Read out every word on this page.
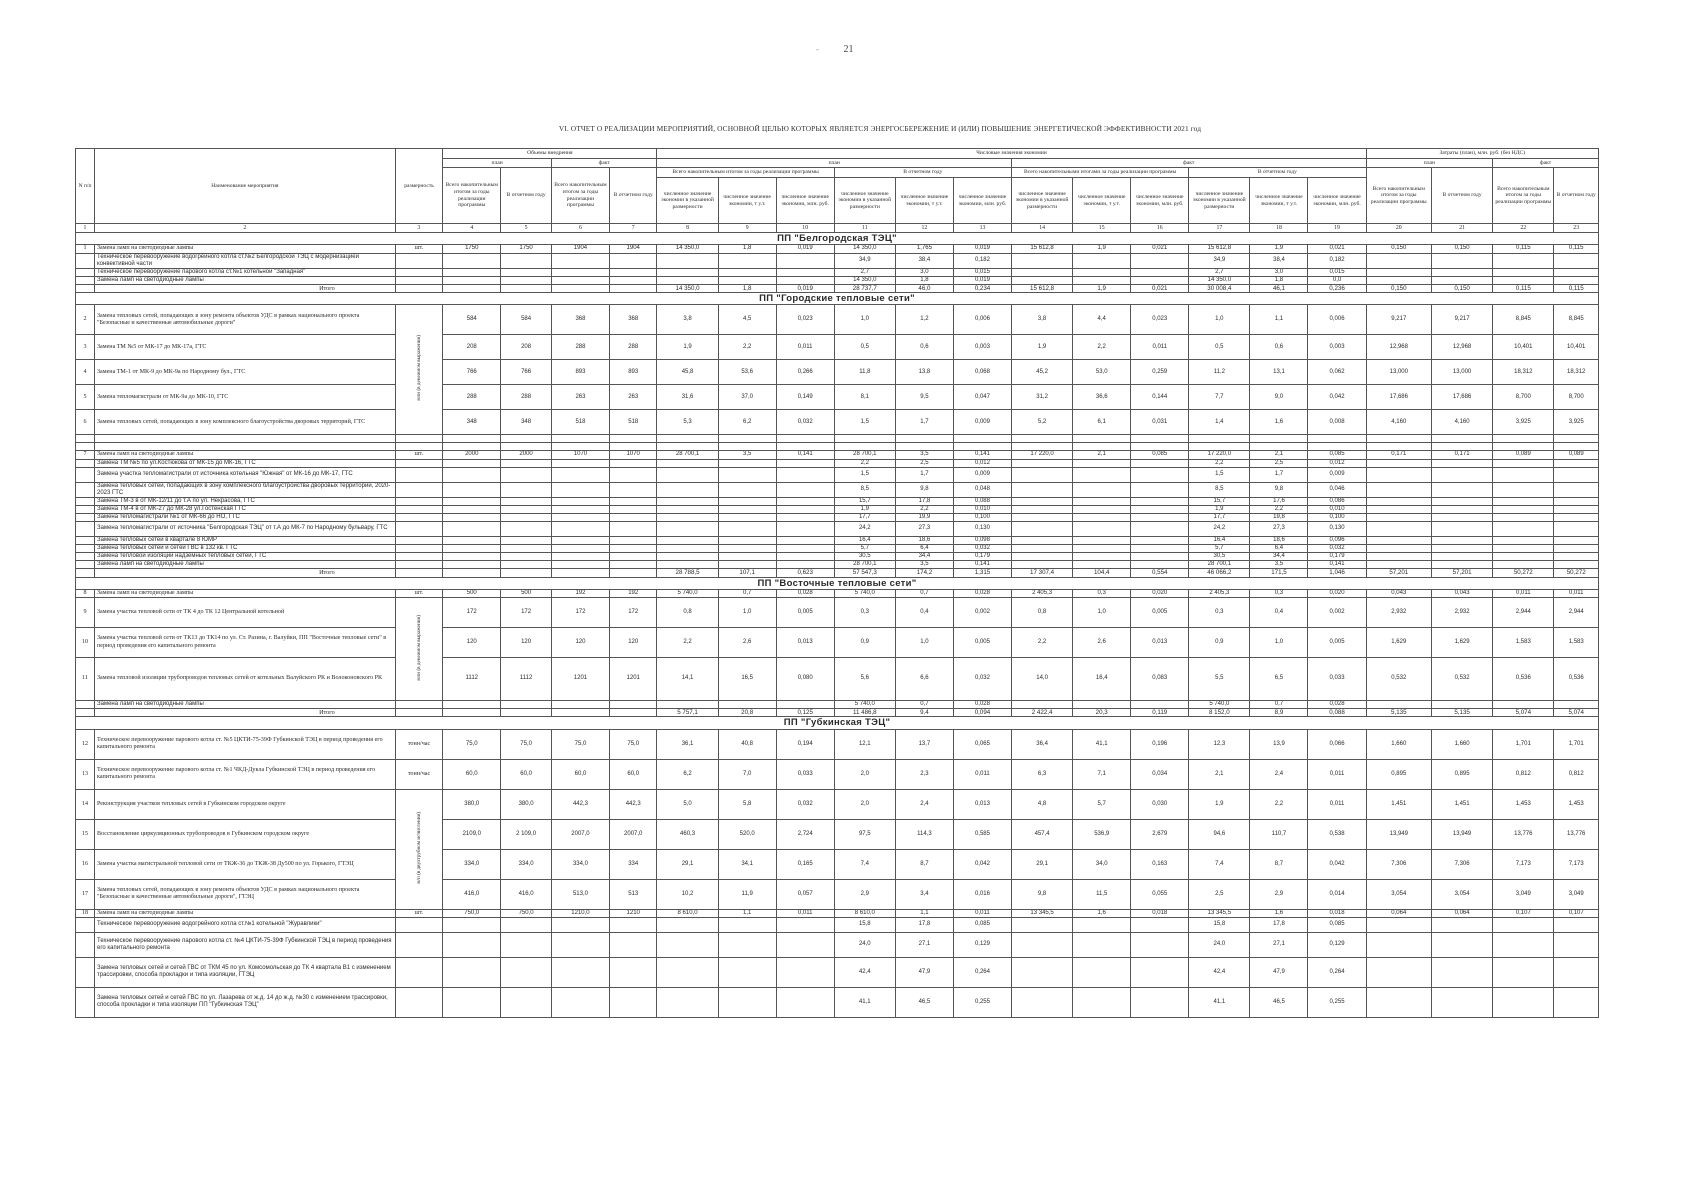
21
-
VI. ОТЧЕТ О РЕАЛИЗАЦИИ МЕРОПРИЯТИЙ, ОСНОВНОЙ ЦЕЛЬЮ КОТОРЫХ ЯВЛЯЕТСЯ ЭНЕРГОСБЕРЕЖЕНИЕ И (ИЛИ) ПОВЫШЕНИЕ ЭНЕРГЕТИЧЕСКОЙ ЭФФЕКТИВНОСТИ 2021 год
N п/п	Наименование мероприятия	размерность	Объемы внедрения				Числовые значения экономии												Затраты (план), млн. руб. (без НДС)			
			план		факт		план						факт						план		факт	
			Всего накопительным итогом за годы реализации программы	В отчетном году	Всего накопительным итогом за годы реализации программы	В отчетном году	Всего накопительным итогом за годы реализации программы			В отчетном году			Всего накопительными итогами за годы реализации программы			В отчетном году			Всего накопительным итогом за годы реализации программы	В отчетном году	Всего накопительным итогом за годы реализации программы	В отчетном году
							численное значение экономии в указанной размерности	численное значение экономии, т у.т.	численное значение экономии, млн. руб.	численное значение экономии в указанной размерности	численное значение экономии, т у.т.	численное значение экономии, млн. руб.	численное значение экономии в указанной размерности	численное значение экономии, т у.т.	численное значение экономии, млн. руб.	численное значение экономии в указанной размерности	численное значение экономии, т у.т.	численное значение экономии, млн. руб.				
1	2	3	4	5	6	7	8	9	10	11	12	13	14	15	16	17	18	19	20	21	22	23
ПП "Белгородская ТЭЦ"																						
1	Замена ламп на светодиодные лампы	шт.	1750	1750	1904	1904	14 350,0	1,8	0,019	14 350,0	1,765	0,019	15 612,8	1,9	0,021	15 612,8	1,9	0,021	0,150	0,150	0,115	0,115
	Техническое перевооружение водогрейного котла ст.№2 Белгородской ТЭЦ с модернизацией конвективной части									34,9	38,4	0,182				34,9	38,4	0,182				
	Техническое перевооружение парового котла ст.№1 котельной "Западная"									2,7	3,0	0,015				2,7	3,0	0,015				
	Замена ламп на светодиодные лампы									14 350,0	1,8	0,019				14 350,0	1,8	0,0				
	Итого						14 350,0	1,8	0,019	28 737,7	46,0	0,234	15 612,8	1,9	0,021	30 008,4	46,1	0,236	0,150	0,150	0,115	0,115
ПП "Городские тепловые сети"																						
2	Замена тепловых сетей, попадающих в зону ремонта объектов УДС в рамках национального проекта "Безопасные и качественные автомобильные дороги"	млн (в денежном выражении)	584	584	368	368	3,8	4,5	0,023	1,0	1,2	0,006	3,8	4,4	0,023	1,0	1,1	0,006	9,217	9,217	8,845	8,845
3	Замена ТМ №5 от МК-17 до МК-17а, ГТС		208	208	288	288	1,9	2,2	0,011	0,5	0,6	0,003	1,9	2,2	0,011	0,5	0,6	0,003	12,968	12,968	10,401	10,401
4	Замена ТМ-1 от МК-9 до МК-9а по Народному бул., ГТС		766	766	893	893	45,8	53,6	0,266	11,8	13,8	0,068	45,2	53,0	0,259	11,2	13,1	0,062	13,000	13,000	18,312	18,312
5	Замена тепломагистрали от МК-9а до МК-10, ГТС		288	288	263	263	31,6	37,0	0,149	8,1	9,5	0,047	31,2	36,6	0,144	7,7	9,0	0,042	17,686	17,686	8,700	8,700
6	Замена тепловых сетей, попадающих в зону комплексного благоустройства дворовых территорий, ГТС		348	348	518	518	5,3	6,2	0,032	1,5	1,7	0,009	5,2	6,1	0,031	1,4	1,6	0,008	4,160	4,160	3,925	3,925

7	Замена ламп на светодиодные лампы	шт.	2000	2000	1070	1070	28 700,1	3,5	0,141	28 700,1	3,5	0,141	17 220,0	2,1	0,085	17 220,0	2,1	0,085	0,171	0,171	0,089	0,089
	Замена ТМ №5 по ул.Костюкова от МК-15 до МК-16, ГТС									2,2	2,5	0,012				2,2	2,5	0,012				
	Замена участка тепломагистрали от источника котельная "Южная" от МК-16 до МК-17, ГТС									1,5	1,7	0,009				1,5	1,7	0,009				
	Замена тепловых сетей, попадающих в зону комплексного благоустройства дворовых территорий, 2020-2023 ГТС									8,5	9,8	0,048				8,5	9,8	0,046				
	Замена ТМ-3 в от МК-12/11 до т.А по ул. Некрасова, ГТС									15,7	17,8	0,088				15,7	17,6	0,086				
	Замена ТМ-4 в от МК-27 до МК-28 ул.Гостенская ГТС									1,9	2,2	0,010				1,9	2,2	0,010				
	Замена тепломагистрали №1 от МК-66 до НО, ГТС									17,7	19,9	0,100				17,7	19,8	0,100				
	Замена тепломагистрали от источника "Белгородская ТЭЦ" от т.А до МК-7 по Народному бульвару, ГТС									24,2	27,3	0,130				24,2	27,3	0,130				
	Замена тепловых сетей в квартале 8 ЮМР									16,4	18,6	0,098				16,4	18,6	0,096				
	Замена тепловых сетей и сетей ГВС в 132 кв. ГТС									5,7	6,4	0,032				5,7	6,4	0,032				
	Замена тепловой изоляции надземных тепловых сетей, ГТС									30,5	34,4	0,179				30,5	34,4	0,179				
	Замена ламп на светодиодные лампы									28 700,1	3,5	0,141				28 700,1	3,5	0,141				
	Итого						28 788,5	107,1	0,623	57 547,3	174,2	1,315	17 307,4	104,4	0,554	46 066,2	171,5	1,046	57,201	57,201	50,272	50,272
ПП "Восточные тепловые сети"																						
8	Замена ламп на светодиодные лампы	шт.	500	500	192	192	5 740,0	0,7	0,028	5 740,0	0,7	0,028	2 405,3	0,3	0,020	2 405,3	0,3	0,020	0,043	0,043	0,011	0,011
9	Замена участка тепловой сети от ТК 4 до ТК 12 Центральной котельной	млн (в денежном выражении)	172	172	172	172	0,8	1,0	0,005	0,3	0,4	0,002	0,8	1,0	0,005	0,3	0,4	0,002	2,932	2,932	2,944	2,944
10	Замена участка тепловой сети от ТК13 до ТК14 по ул. Ст. Разина, г. Валуйки, ПП "Восточные тепловые сети" в период проведения его капитального ремонта		120	120	120	120	2,2	2,6	0,013	0,9	1,0	0,005	2,2	2,6	0,013	0,9	1,0	0,005	1,629	1,629	1,583	1,583
11	Замена тепловой изоляции трубопроводов тепловых сетей от котельных Валуйского РК и Волоконовского РК		1112	1112	1201	1201	14,1	16,5	0,080	5,6	6,6	0,032	14,0	16,4	0,083	5,5	6,5	0,033	0,532	0,532	0,536	0,536
	Замена ламп на светодиодные лампы									5 740,0	0,7	0,028				5 740,0	0,7	0,028				
	Итого						5 757,1	20,8	0,125	11 486,8	9,4	0,094	2 422,4	20,3	0,119	8 152,0	8,9	0,088	5,135	5,135	5,074	5,074
ПП "Губкинская ТЭЦ"																						
12	Техническое перевооружение парового котла ст. №5 ЦКТИ-75-39Ф Губкинской ТЭЦ в период проведения его капитального ремонта	тонн/час	75,0	75,0	75,0	75,0	36,1	40,8	0,194	12,1	13,7	0,065	36,4	41,1	0,196	12,3	13,9	0,066	1,660	1,660	1,701	1,701
13	Техническое перевооружение парового котла ст. №1 ЧКД-Дукла Губкинской ТЭЦ в период проведения его капитального ремонта	тонн/час	60,0	60,0	60,0	60,0	6,2	7,0	0,033	2,0	2,3	0,011	6,3	7,1	0,034	2,1	2,4	0,011	0,895	0,895	0,812	0,812
14	Реконструкция участков тепловых сетей в Губкинском городском округе	м/п (в двухтрубном исчислении)	380,0	380,0	442,3	442,3	5,0	5,8	0,032	2,0	2,4	0,013	4,8	5,7	0,030	1,9	2,2	0,011	1,451	1,451	1,453	1,453
15	Восстановление циркуляционных трубопроводов в Губкинском городском округе		2109,0	2 109,0	2007,0	2007,0	460,3	520,0	2,724	97,5	114,3	0,585	457,4	536,9	2,679	94,6	110,7	0,538	13,949	13,949	13,776	13,776
16	Замена участка магистральной тепловой сети от ТКЖ-36 до ТКЖ-38 Ду500 по ул. Горького, ГТЭЦ		334,0	334,0	334,0	334	29,1	34,1	0,165	7,4	8,7	0,042	29,1	34,0	0,163	7,4	8,7	0,042	7,306	7,306	7,173	7,173
17	Замена тепловых сетей, попадающих в зону ремонта объектов УДС в рамках национального проекта "Безопасные и качественные автомобильные дороги", ГТЭЦ		416,0	416,0	513,0	513	10,2	11,9	0,057	2,9	3,4	0,016	9,8	11,5	0,055	2,5	2,9	0,014	3,054	3,054	3,049	3,049
18	Замена ламп на светодиодные лампы	шт.	750,0	750,0	1210,0	1210	8 610,0	1,1	0,011	8 610,0	1,1	0,011	13 345,5	1,6	0,018	13 345,5	1,6	0,018	0,064	0,064	0,107	0,107
	Техническое перевооружение водогрейного котла ст.№1 котельной "Журавлики"									15,8	17,8	0,085				15,8	17,8	0,085				
	Техническое перевооружение парового котла ст. №4 ЦКТИ-75-39Ф Губкинской ТЭЦ в период проведения его капитального ремонта									24,0	27,1	0,129				24,0	27,1	0,129				
	Замена тепловых сетей и сетей ГВС от ТКМ 45 по ул. Комсомольская до ТК 4 квартала В1 с изменением трассировки, способа прокладки и типа изоляции, ГТЭЦ									42,4	47,9	0,264				42,4	47,9	0,264				
	Замена тепловых сетей и сетей ГВС по ул. Лазарева от ж.д. 14 до ж.д. №30 с изменением трассировки, способа прокладки и типа изоляции ПП "Губкинская ТЭЦ"									41,1	46,5	0,255				41,1	46,5	0,255				
